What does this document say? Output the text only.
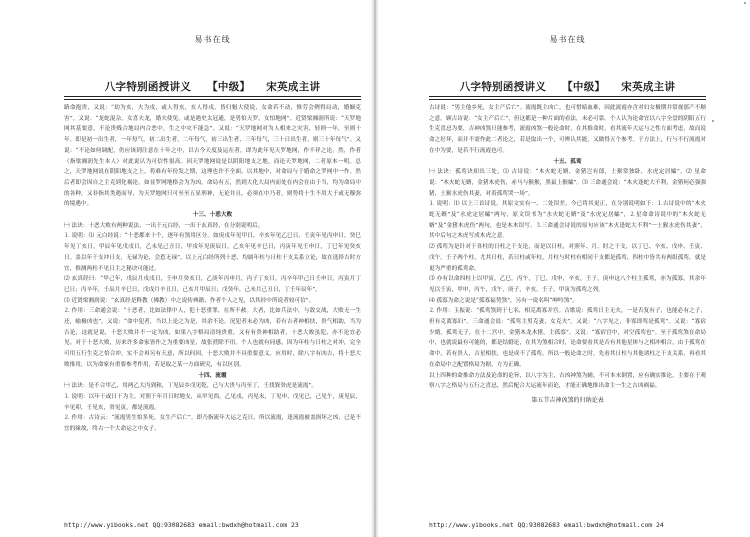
易书在线
八字特别函授讲义 【中级】 宋英成主讲

路命抱贵，又说：“劫为亥，夫为戌，或人得亥，亥人得戌，皆归魁大使说，女命若不动，惟劳会例得局动，婚姻克害”。又说：“龙蛇混杂，女喜夫龙，婚夫使免，或是遇史太冠通，是男怕天罗，女怕地网”。近贤梁湘润所说：“天罗地网其基要意，不论贵贱合地局内合恶中，生之中灾不能急”。又说：“天罗地网对为人相来之灾害，轻则一年，至则十年。即是初一出生者，一年每气，初二出生者，二年每气，初三出生者，三年每气，三十日出生者，则三十年每气”。又说：“不论如何调配，仍应该到注意在十年之中，以吉今天度及运在者，即为此年见天罗地网，作不祥之论。然，作者（指梁湘润先生本人）对此说认为可信性很高。因天罗地网说是以阴阳地支之地，而论天罗地网，二者原本一明。总之，天罗地网说在阴阳地支之上，将难有年份发之期，这理也许不全面。以其地中，对命局与于婚命之罗网中一作。然后者即会因自之主克到化祸论，如显罗网地格会为为凶。命局有五，然到大化大局内而处在内会在由于当，均为命局中的各种，又非指其类遇而导，为天罗地网只可至至五显刑神，无论并且，必须在中乃者，则势将十生不用大于或无穆弥的境遇中。

十三、十恶大败

㈠ 法诀：十恶大败有两种说法，一出于元白经，一出于玄真经，在分别说明后。

⒈ 说明：⑴ 元白经说：“十恶都来十个，逐年有煞用区分。如庚戌年见甲日，辛亥年见乙巳日，壬寅年见丙申日，癸巳年见丁亥日，甲辰年见戊戌日，乙未见己丑日，甲戌年见庚辰日，乙亥年见辛巳日，丙寅年见壬申日，丁巳年见癸亥日。盖以年干支冲日支，无禄为论，会惹无禄”。以上元白经所列十恶，均属年柱与日柱于支关系立论，故在选择吉时方宜，推测两柱不见日主之秘诀可能过。

⑵ 玄真经曰：“甲己年，戊辰月戌戌日，壬申月癸亥日，乙庚年丙申月，丙子丁亥日，丙辛年甲己日壬申日，丙寅月丁巳日；丙辛年，壬辰月辛巳日，戊戌月辛丑日，己亥月甲辰日；戊癸年，己未月己丑日，丁壬年辰年”。

⑶ 近贤梁湘润说：“玄真经是释教（佛教）中之说传典籍，作者个人之见，以其经中所说者较可信”。

⒉ 作用：三命通会说：“十恶者，比如法律中人，犯十恶重罪，在所不赦。大者，比如兵法中，与敌交战，大败无一生还，喻极凶也”。又说：“命中犯者，当以上论之为是，其余不论。况犯者未必为凶，若有吉者神相扶，贵气相助，当为吉论，这就是说，十恶大败并不一定为凶，如果八字格局清纯贵重，又有有贵神相助者，十恶大败虽犯，亦不论宜必见。对于十恶大败，历来许多命家皆作之为重要凶星，故张蔗除不用。个人也就有同感，因为年柱与日柱之对冲，完全可用五行生克之恰合冲，实不会再另有天意，所以何因，十恶大败并不具重要意义。应用时，除八字有凶吉，将十恶大败推用，以为命家有重要参考作用，若是取之某一方面研究，有以区别。

十四、流霞

㈠ 法诀：是不合甲乙，用两乙大丙到和，丁见辰乡戊见乾，己与大贵与丙至丁，壬找巽癸虎是流霞”。

⒈ 说明：以年干或日干为主，对照干年月日时地支，从甲见酉，乙见戌，丙见未，丁见申，戊见已，己见午，庚见辰，辛见卯，壬见亥，癸见寅，都是流霞。

⒉ 作用：古诗云：“流霞男生怕多死，女生产后亡”。即乃指流年大运之克日，所以流霞，逢流霞被盖损坏之凶，已是不宜的缘故，终古一个大命运之中女子。

http://www.yibooks.net QQ:93082683 email:bwdxh@hotmail.com 23
易书在线
八字特别函授讲义 【中级】 宋英成主讲

古诗说：“男主他乡死，女主产后亡”。流霞既主凶亡，也可惜暗血难，因此流霞亦含对妇女极期并常视那产不顺之意。顾古诗说：“女主产后亡”。但这都是一种片面的看法，未必可靠。个人认为论命宜以八字全盘的阴阳五行生克喜忌为要，吉神凶煞只能参考，流霞凶煞一般论命时，在其推命时，看其流年大运与之性方面考虑，故而说命之好坏，而并不需作此二者论之，若是取出一个，可辨认其能，又做得五个参考。于方法上，行与不行流霞对在中为要，是若不行流霞也可。

十五、孤鸾

㈠ 法诀：孤鸾诀却出三处，⑴ 古诗说：“木火蛇无婿，金猪岂有郎，土猴常独卧，水虎定居孀”。⑵ 星命说：“木火蛇无婿，金猪木虎伤，赤马与猴猴，黑鼠上猴孀”。⑶ 三命通会说：“木火逢蛇大不利，金猪何必强强猪，土猴水虎伤其妻，对着孤鸾哭一场”。

⒈ 说明：⑴ 以上三首诗说，其原文实有一、二处误差，今已将其更正，在分别说明如下：⒈古诗说中的“木火蛇无婿”及“水虎定居孀”两句，原文误书为“水火蛇无婿”及“水虎定居孀”，⒉星命命诗说中的“木火蛇无婿”及“金猪木虎伤”两句，也是木木误写。⒊三命通会诗说的原句应该“木火逢蛇大不利”一土猴水虎伤其妻”，其中后句之木虎写成木虎之意。

⑵ 孤鸾为是针对于各柱的日柱之干支论，而是以日柱，对照年、月、时之干支，以丁巳、辛亥、戊申、壬寅、戊午，壬子两个柱，尤其日柱，若日柱或年柱，月柱与时柱有相同干支都是孤鸾，四柱中皆共有两组孤鸾，就是更为严重的孤鸾命。

⑶ 亦有以命四柱上以甲寅，乙巳，丙午，丁巳，戊申，辛亥，壬子，庚申这八个柱主孤鸾，亦为孤寡。其余年见以壬寅，甲申，丙午，戊午，庚子，辛亥，壬子，甲寅为孤鸾之列。

⑷ 孤寡为命之说是“孤寡福势煞”，另有一说名叫“呻吟煞”。

⒉ 作用：玉振说：“孤鸾煞到于七名，相克离寡并宫。古歌说：孤鸾日主无夫，一是否复有子，也能必有之子，但有克离寡妇”。三命通会说：“孤鸾主男克妻，女克夫”。又说：“八字见之，非寡即鸾是孤鸾”。又说：“寡宿少婚，孤鸾无子，在十二宫中，金猪木龙木猪，主孤寡”。又说：“寡宿宫中，对空孤鸾也”。至于孤鸾煞在命局中，也就说最有可能的，都是结婚论，在其为煞相合时，论命要看其是否有其他星体与之相冲相合。由于孤鸾在命中，若有贵人，吉星相扶，也是成不了孤鸾，所以一般论命之时，先看其日柱与其他诸柱之干支关系，再看其在命局中之配置格局为据，方为正确。

以上四种的命推命方法及论命的论旨，以八字为主，吉凶神煞为辅，不可本末倒置，应有确实推论，主要在于观察八字之格局与五行之喜忌，然后配合大运流年而论，才能正确地推出命主一生之吉凶祸福。

第五节吉神凶煞的归纳论表
http://www.yibooks.net QQ:93082683 email:bwdxh@hotmail.com 24
